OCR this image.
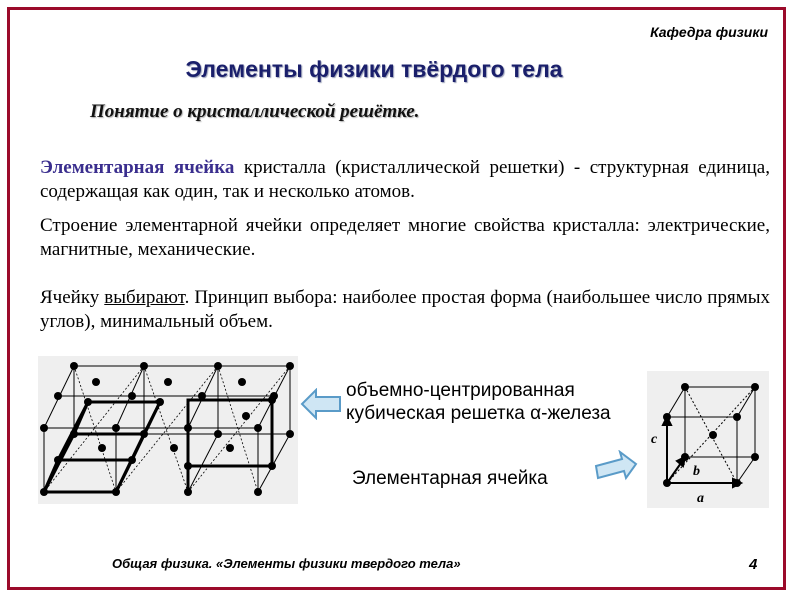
Кафедра физики
Элементы физики твёрдого тела
Понятие о кристаллической решётке.
Элементарная ячейка кристалла (кристаллической решетки) - структурная единица, содержащая как один, так и несколько атомов.
Строение элементарной ячейки определяет многие свойства кристалла: электрические, магнитные, механические.
Ячейку выбирают. Принцип выбора: наиболее простая форма (наибольшее число прямых углов), минимальный объем.
объемно-центрированная
кубическая решетка α-железа
Элементарная ячейка
c
b
a
Общая физика. «Элементы физики твердого тела»	4
